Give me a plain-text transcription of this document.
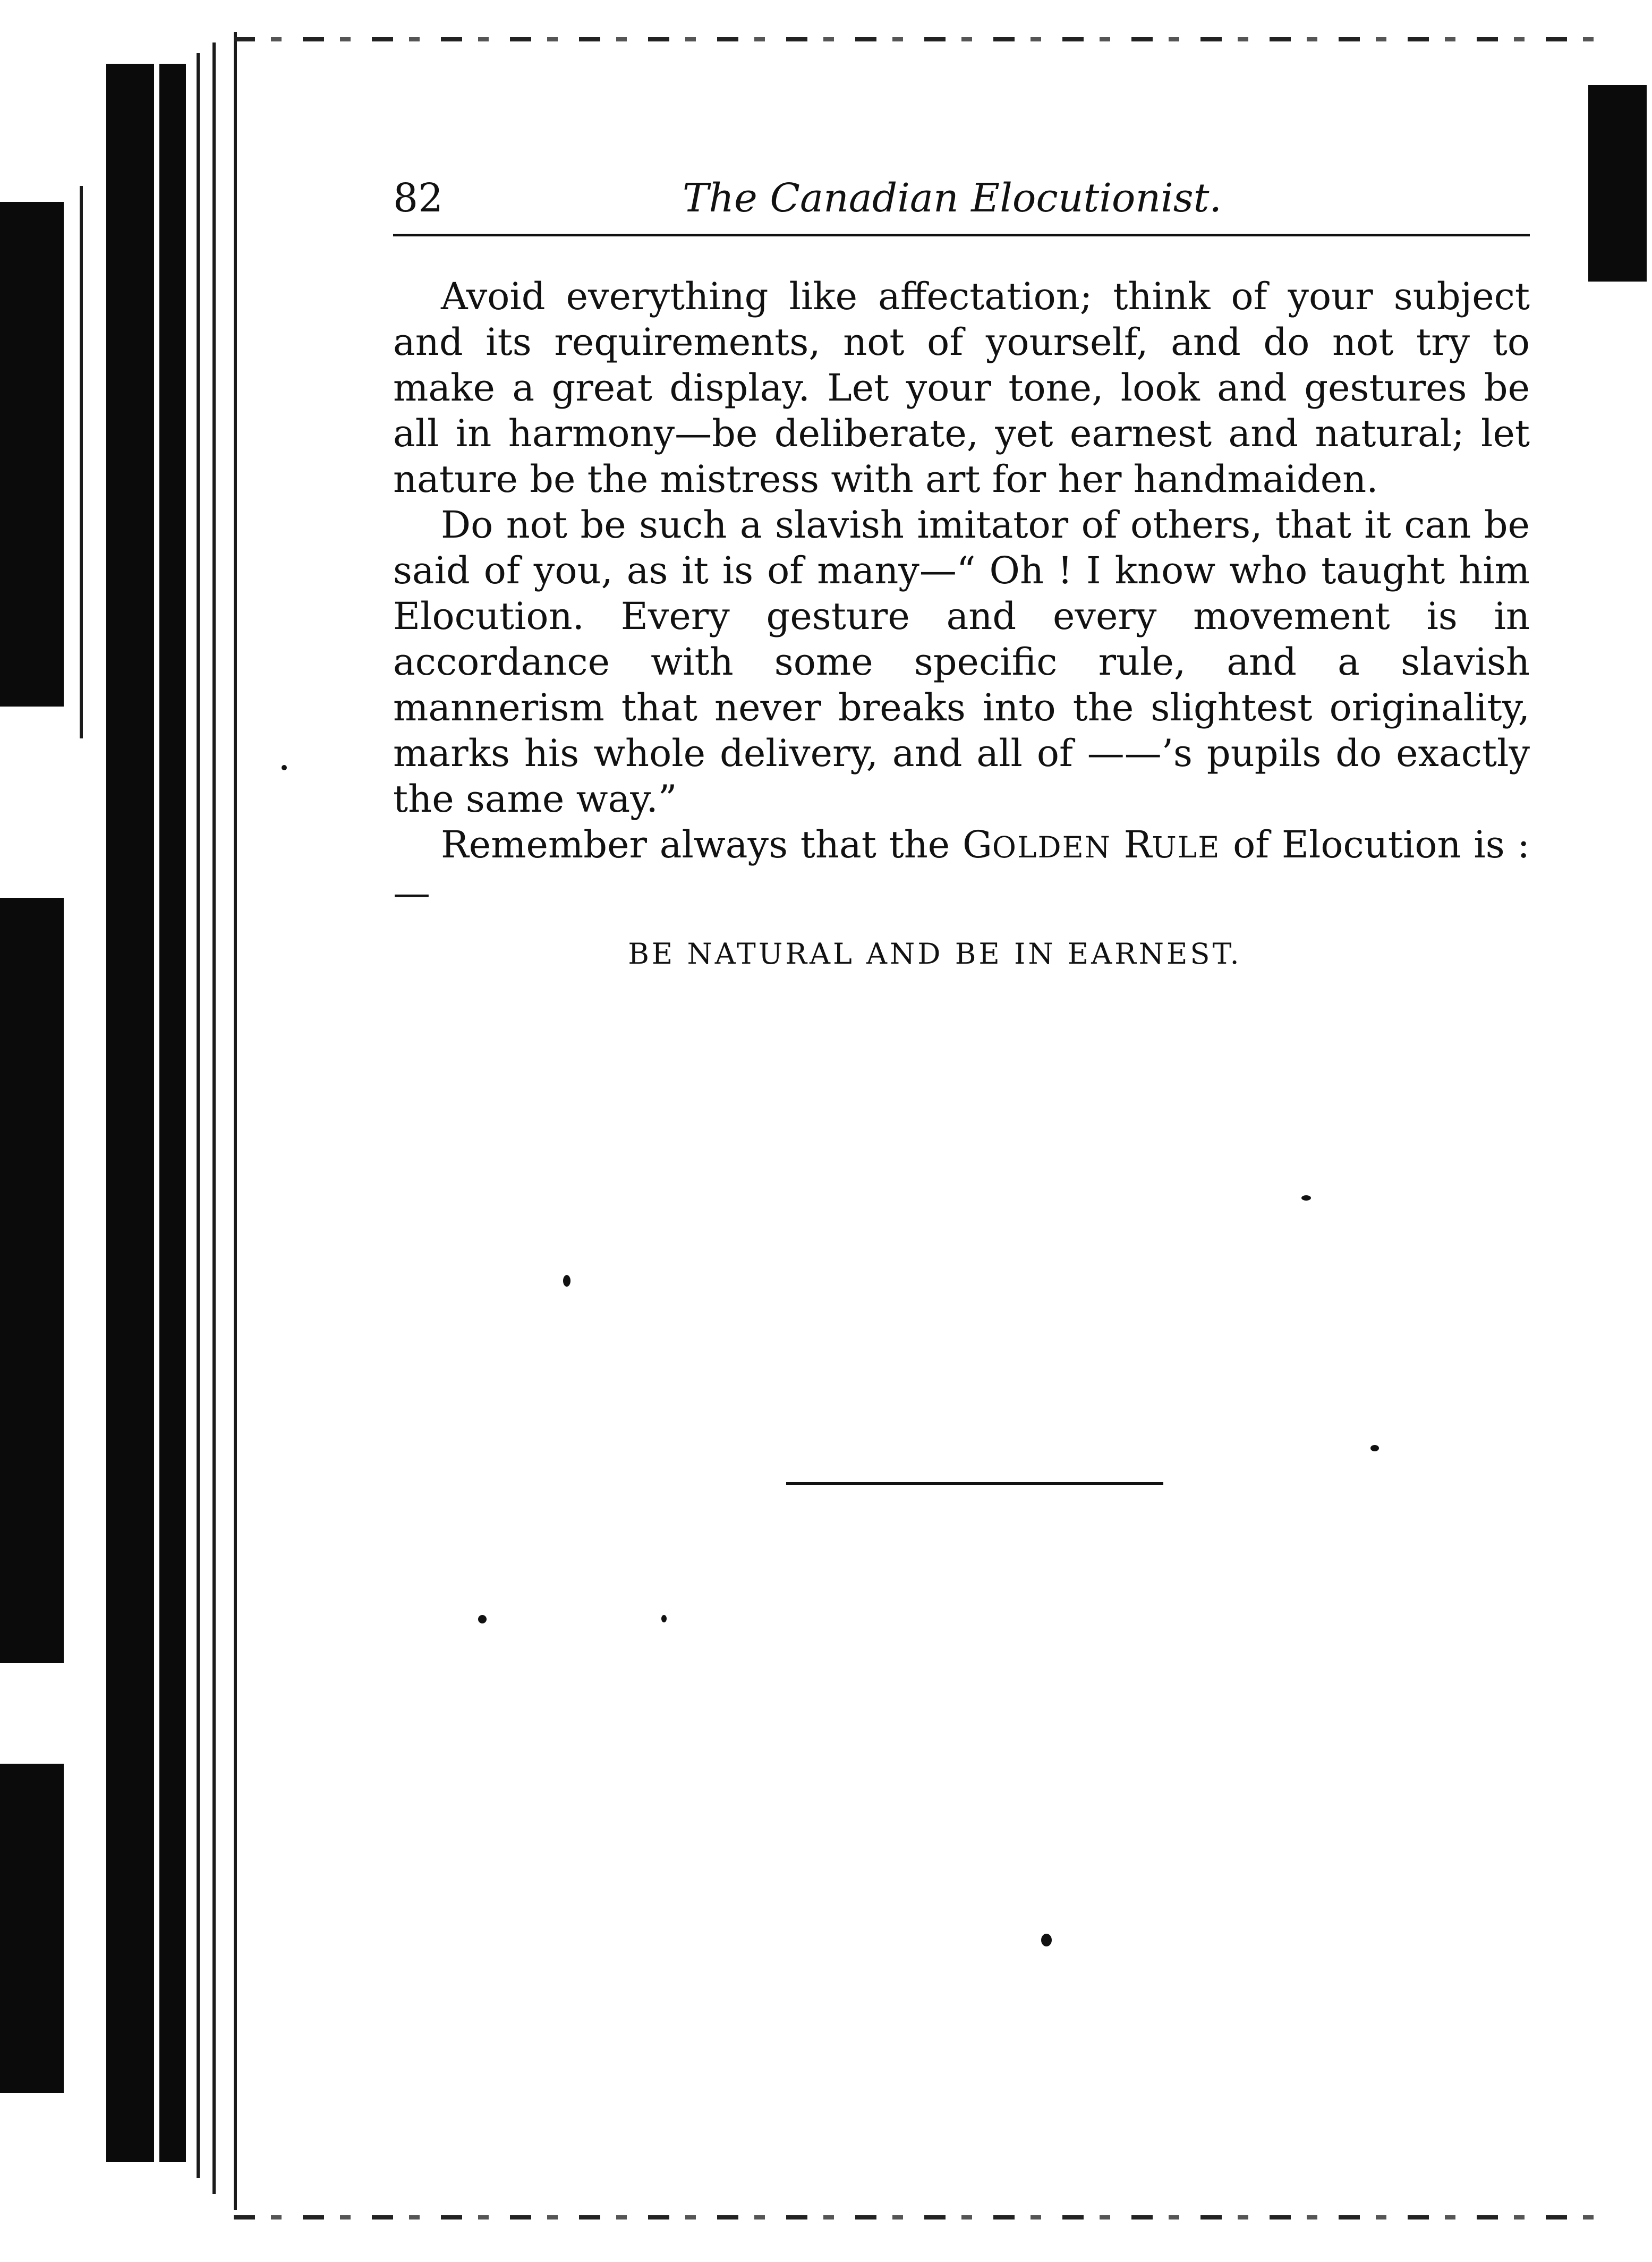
82	The Canadian Elocutionist.

Avoid everything like affectation; think of your subject and its requirements, not of yourself, and do not try to make a great display. Let your tone, look and gestures be all in harmony—be deliberate, yet earnest and natural; let nature be the mistress with art for her handmaiden.

Do not be such a slavish imitator of others, that it can be said of you, as it is of many—“ Oh ! I know who taught him Elocution. Every gesture and every movement is in accordance with some specific rule, and a slavish mannerism that never breaks into the slightest originality, marks his whole delivery, and all of ——’s pupils do exactly the same way.”

Remember always that the GOLDEN RULE of Elocution is :—

BE NATURAL AND BE IN EARNEST.
